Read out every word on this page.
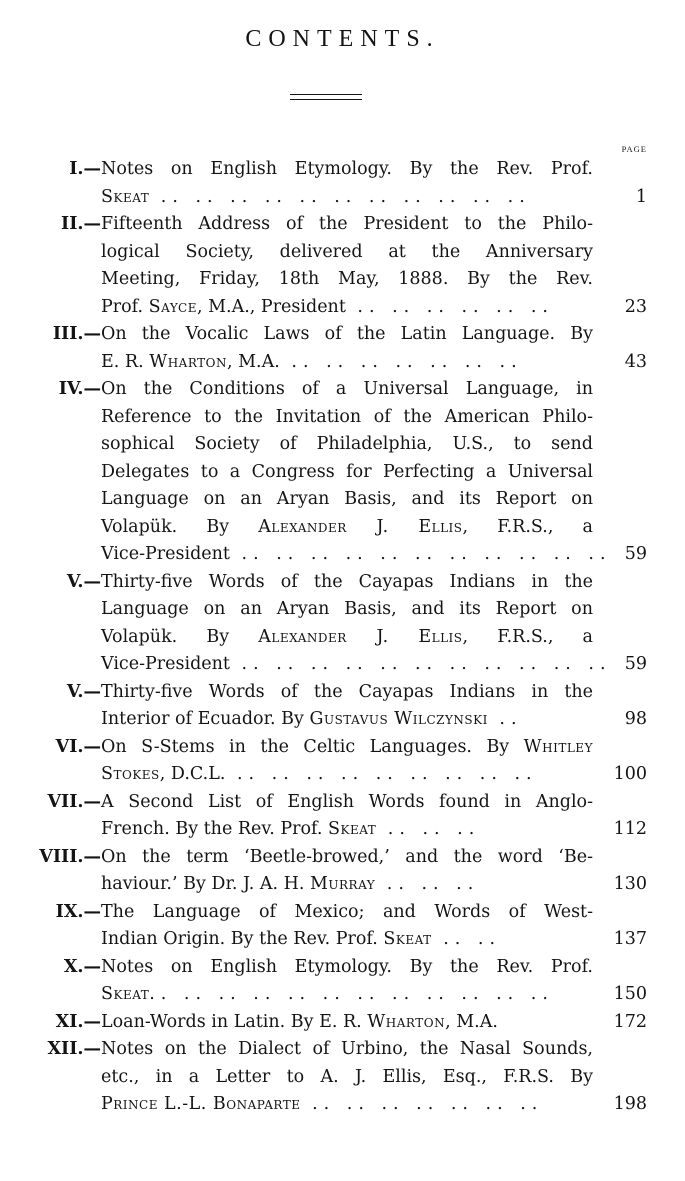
CONTENTS.
PAGE
I.— Notes on English Etymology. By the Rev. Prof.
Skeat .. .. .. .. .. .. .. .. .. .. ..	1
II.— Fifteenth Address of the President to the Philo-
logical Society, delivered at the Anniversary
Meeting, Friday, 18th May, 1888. By the Rev.
Prof. Sayce, M.A., President .. .. .. .. .. ..	23
III.— On the Vocalic Laws of the Latin Language. By
E. R. Wharton, M.A. .. .. .. .. .. .. ..	43
IV.— On the Conditions of a Universal Language, in
Reference to the Invitation of the American Philo-
sophical Society of Philadelphia, U.S., to send
Delegates to a Congress for Perfecting a Universal
Language on an Aryan Basis, and its Report on
Volapük. By Alexander J. Ellis, F.R.S., a
Vice-President .. .. .. .. .. .. .. .. .. .. .. 59
V.— Thirty-five Words of the Cayapas Indians in the
Language on an Aryan Basis, and its Report on
Volapük. By Alexander J. Ellis, F.R.S., a
Vice-President .. .. .. .. .. .. .. .. .. .. .. 59
V.— Thirty-five Words of the Cayapas Indians in the
Interior of Ecuador. By Gustavus Wilczynski ..	98
VI.— On S-Stems in the Celtic Languages. By Whitley
Stokes, D.C.L. .. .. .. .. .. .. .. .. ..	100
VII.— A Second List of English Words found in Anglo-
French. By the Rev. Prof. Skeat .. .. ..	112
VIII.— On the term ‘Beetle-browed,’ and the word ‘Be-
haviour.’ By Dr. J. A. H. Murray .. .. ..	130
IX.— The Language of Mexico; and Words of West-
Indian Origin. By the Rev. Prof. Skeat .. ..	137
X.— Notes on English Etymology. By the Rev. Prof.
Skeat.. .. .. .. .. .. .. .. .. .. .. ..	150
XI.— Loan-Words in Latin. By E. R. Wharton, M.A.	172
XII.— Notes on the Dialect of Urbino, the Nasal Sounds,
etc., in a Letter to A. J. Ellis, Esq., F.R.S. By
Prince L.-L. Bonaparte .. .. .. .. .. .. ..	198
